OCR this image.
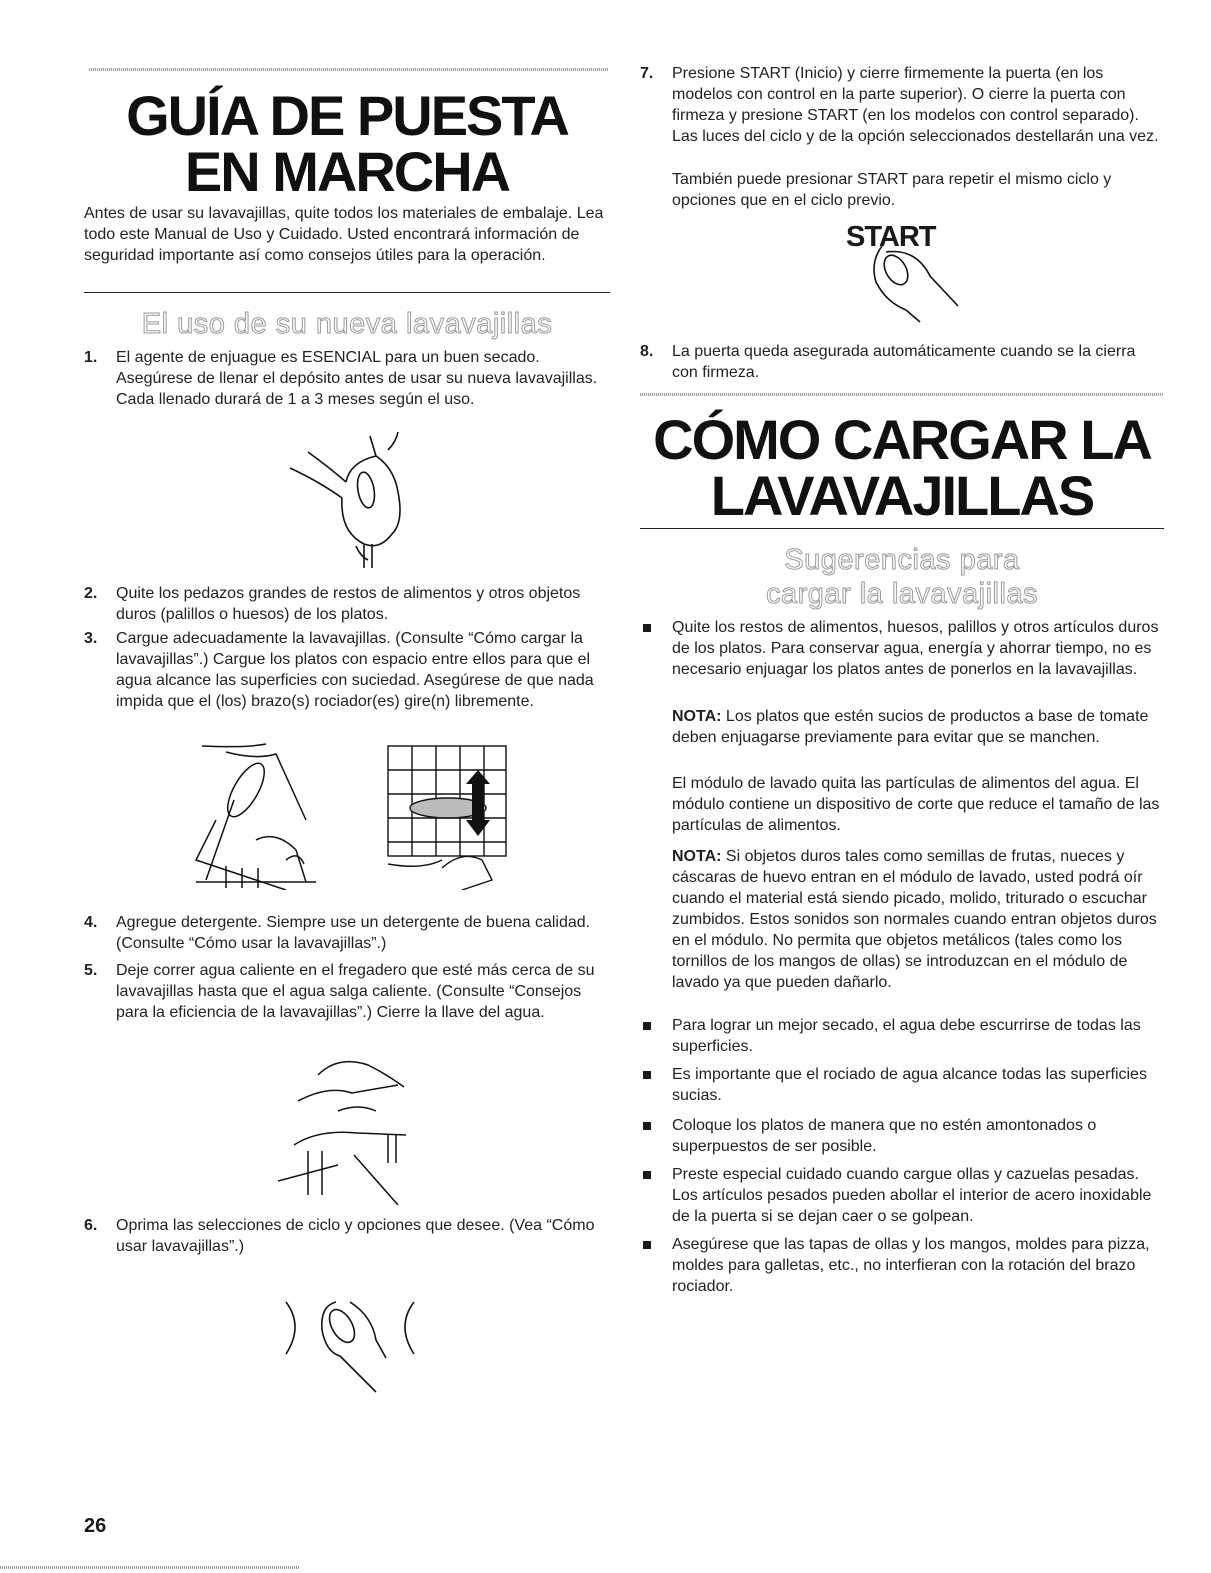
GUÍA DE PUESTA
EN MARCHA
Antes de usar su lavavajillas, quite todos los materiales de embalaje. Lea todo este Manual de Uso y Cuidado. Usted encontrará información de seguridad importante así como consejos útiles para la operación.
El uso de su nueva lavavajillas
1. El agente de enjuague es ESENCIAL para un buen secado. Asegúrese de llenar el depósito antes de usar su nueva lavavajillas. Cada llenado durará de 1 a 3 meses según el uso.
2. Quite los pedazos grandes de restos de alimentos y otros objetos duros (palillos o huesos) de los platos.
3. Cargue adecuadamente la lavavajillas. (Consulte “Cómo cargar la lavavajillas”.) Cargue los platos con espacio entre ellos para que el agua alcance las superficies con suciedad. Asegúrese de que nada impida que el (los) brazo(s) rociador(es) gire(n) libremente.
4. Agregue detergente. Siempre use un detergente de buena calidad. (Consulte “Cómo usar la lavavajillas”.)
5. Deje correr agua caliente en el fregadero que esté más cerca de su lavavajillas hasta que el agua salga caliente. (Consulte “Consejos para la eficiencia de la lavavajillas”.) Cierre la llave del agua.
6. Oprima las selecciones de ciclo y opciones que desee. (Vea “Cómo usar lavavajillas”.)
7. Presione START (Inicio) y cierre firmemente la puerta (en los modelos con control en la parte superior). O cierre la puerta con firmeza y presione START (en los modelos con control separado). Las luces del ciclo y de la opción seleccionados destellarán una vez.
También puede presionar START para repetir el mismo ciclo y opciones que en el ciclo previo.
START
8. La puerta queda asegurada automáticamente cuando se la cierra con firmeza.
CÓMO CARGAR LA
LAVAVAJILLAS
Sugerencias para
cargar la lavavajillas
Quite los restos de alimentos, huesos, palillos y otros artículos duros de los platos. Para conservar agua, energía y ahorrar tiempo, no es necesario enjuagar los platos antes de ponerlos en la lavavajillas.
NOTA: Los platos que estén sucios de productos a base de tomate deben enjuagarse previamente para evitar que se manchen.
El módulo de lavado quita las partículas de alimentos del agua. El módulo contiene un dispositivo de corte que reduce el tamaño de las partículas de alimentos.
NOTA: Si objetos duros tales como semillas de frutas, nueces y cáscaras de huevo entran en el módulo de lavado, usted podrá oír cuando el material está siendo picado, molido, triturado o escuchar zumbidos. Estos sonidos son normales cuando entran objetos duros en el módulo. No permita que objetos metálicos (tales como los tornillos de los mangos de ollas) se introduzcan en el módulo de lavado ya que pueden dañarlo.
Para lograr un mejor secado, el agua debe escurrirse de todas las superficies.
Es importante que el rociado de agua alcance todas las superficies sucias.
Coloque los platos de manera que no estén amontonados o superpuestos de ser posible.
Preste especial cuidado cuando cargue ollas y cazuelas pesadas. Los artículos pesados pueden abollar el interior de acero inoxidable de la puerta si se dejan caer o se golpean.
Asegúrese que las tapas de ollas y los mangos, moldes para pizza, moldes para galletas, etc., no interfieran con la rotación del brazo rociador.
26
